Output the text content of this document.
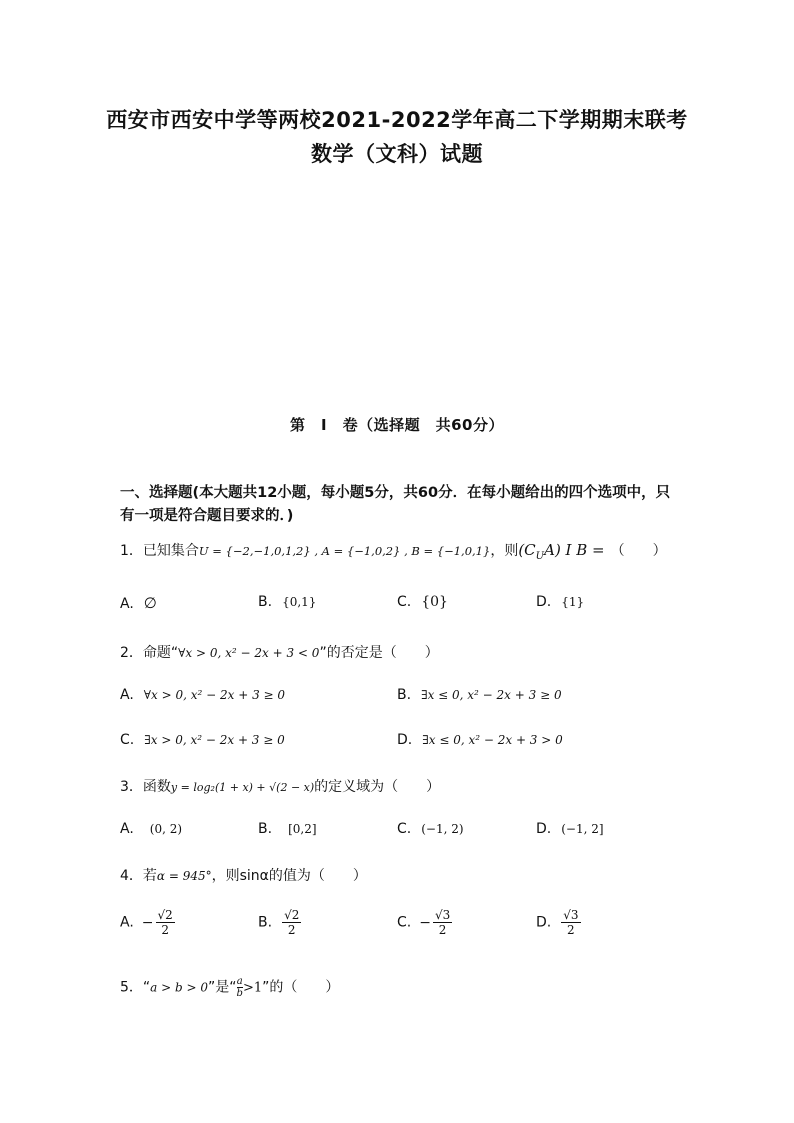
西安市西安中学等两校2021-2022学年高二下学期期末联考
数学（文科）试题
第　Ⅰ　卷（选择题　共60分）
一、选择题(本大题共12小题，每小题5分，共60分．在每小题给出的四个选项中，只有一项是符合题目要求的．)
1．已知集合U = {−2,−1,0,1,2} , A = {−1,0,2} , B = {−1,0,1}，则$(C_UA)$ I B = （　　）
A. ∅	B. {0,1}	C. {0}	D. {1}
2．命题“∀x > 0, x² − 2x + 3 < 0”的否定是（　　）
A. ∀x > 0, x² − 2x + 3 ≥ 0	B. ∃x ≤ 0, x² − 2x + 3 ≥ 0
C. ∃x > 0, x² − 2x + 3 ≥ 0	D. ∃x ≤ 0, x² − 2x + 3 > 0
3．函数y = log₂(1 + x) + √(2 − x)的定义域为（　　）
A. (0, 2)	B. [0,2]	C. (−1, 2)	D. (−1, 2]
4．若α = 945°，则sinα的值为（　　）
A. − $\frac{√2}{2}$	B. $\frac{√2}{2}$	C. − $\frac{√3}{2}$	D. $\frac{√3}{2}$
5．“a > b > 0”是“ $\frac{a}{b} >1$”的（　　）
